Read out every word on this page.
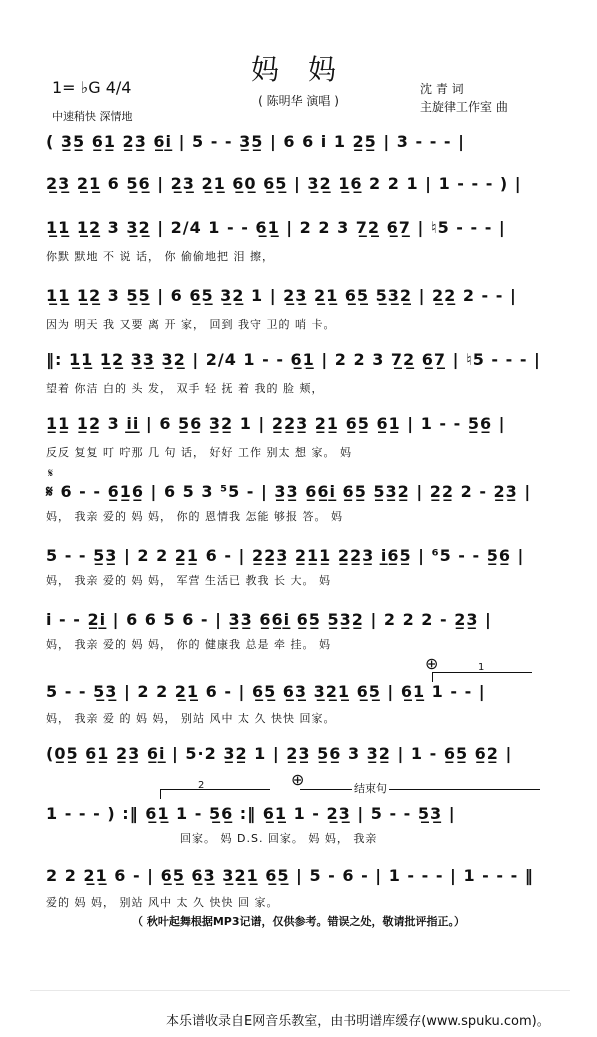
妈 妈
1= ♭G 4/4
( 陈明华 演唱 )
中速稍快 深情地
沈 青 词
主旋律工作室 曲
( 3̲5̲ 6̲1̲ 2̲3̲ 6̲i̲ | 5 - - 3̲5̲ | 6 6 i 1 2̲5̲ | 3 - - - |
2̲3̲ 2̲1̲ 6 5̲6̲ | 2̲3̲ 2̲1̲ 6̲0̲ 6̲5̲ | 3̲2̲ 1̲6̲ 2 2 1 | 1 - - - ) |
1̲1̲ 1̲2̲ 3 3̲2̲ | 2/4 1 - - 6̲1̲ | 2 2 3 7̲2̲ 6̲7̲ | ♮5 - - - |
你默 默地 不 说 话， 你 偷偷地把 泪 擦，
1̲1̲ 1̲2̲ 3 5̲5̲ | 6 6̲5̲ 3̲2̲ 1 | 2̲3̲ 2̲1̲ 6̲5̲ 5̲3̲2̲ | 2̲2̲ 2 - - |
因为 明天 我 又要 离 开 家， 回到 我守 卫的 哨 卡。
‖: 1̲1̲ 1̲2̲ 3̲3̲ 3̲2̲ | 2/4 1 - - 6̲1̲ | 2 2 3 7̲2̲ 6̲7̲ | ♮5 - - - |
望着 你洁 白的 头 发， 双手 轻 抚 着 我的 脸 颊，
1̲1̲ 1̲2̲ 3 i̲i̲ | 6 5̲6̲ 3̲2̲ 1 | 2̲2̲3̲ 2̲1̲ 6̲5̲ 6̲1̲ | 1 - - 5̲6̲ |
反反 复复 叮 咛那 几 句 话， 好好 工作 别太 想 家。 妈
𝄋 6 - - 6̲1̲6̲ | 6 5 3 ⁵5 - | 3̲3̲ 6̲6̲i̲ 6̲5̲ 5̲3̲2̲ | 2̲2̲ 2 - 2̲3̲ |
妈， 我亲 爱的 妈 妈， 你的 恩情我 怎能 够报 答。 妈
5 - - 5̲3̲ | 2 2 2̲1̲ 6 - | 2̲2̲3̲ 2̲1̲1̲ 2̲2̲3̲ i̲6̲5̲ | ⁶5 - - 5̲6̲ |
妈， 我亲 爱的 妈 妈， 军营 生活已 教我 长 大。 妈
i - - 2̲i̲ | 6 6 5 6 - | 3̲3̲ 6̲6̲i̲ 6̲5̲ 5̲3̲2̲ | 2 2 2 - 2̲3̲ |
妈， 我亲 爱的 妈 妈， 你的 健康我 总是 牵 挂。 妈
⊕	1
5 - - 5̲3̲ | 2 2 2̲1̲ 6 - | 6̲5̲ 6̲3̲ 3̲2̲1̲ 6̲5̲ | 6̲1̲ 1 - - |
妈， 我亲 爱 的 妈 妈， 别站 风中 太 久 快快 回家。
(0̲5̲ 6̲1̲ 2̲3̲ 6̲i̲ | 5·2 3̲2̲ 1 | 2̲3̲ 5̲6̲ 3 3̲2̲ | 1 - 6̲5̲ 6̲2̲ |
2	⊕	结束句
1 - - - ) :‖ 6̲1̲ 1 - 5̲6̲ :‖ 6̲1̲ 1 - 2̲3̲ | 5 - - 5̲3̲ |
回家。 妈 D.S. 回家。 妈 妈， 我亲
2 2 2̲1̲ 6 - | 6̲5̲ 6̲3̲ 3̲2̲1̲ 6̲5̲ | 5 - 6 - | 1 - - - | 1 - - - ‖
爱的 妈 妈， 别站 风中 太 久 快快 回 家。
𝄋
（ 秋叶起舞根据MP3记谱，仅供参考。错误之处，敬请批评指正。）
本乐谱收录自E网音乐教室，由书明谱库缓存(www.spuku.com)。
